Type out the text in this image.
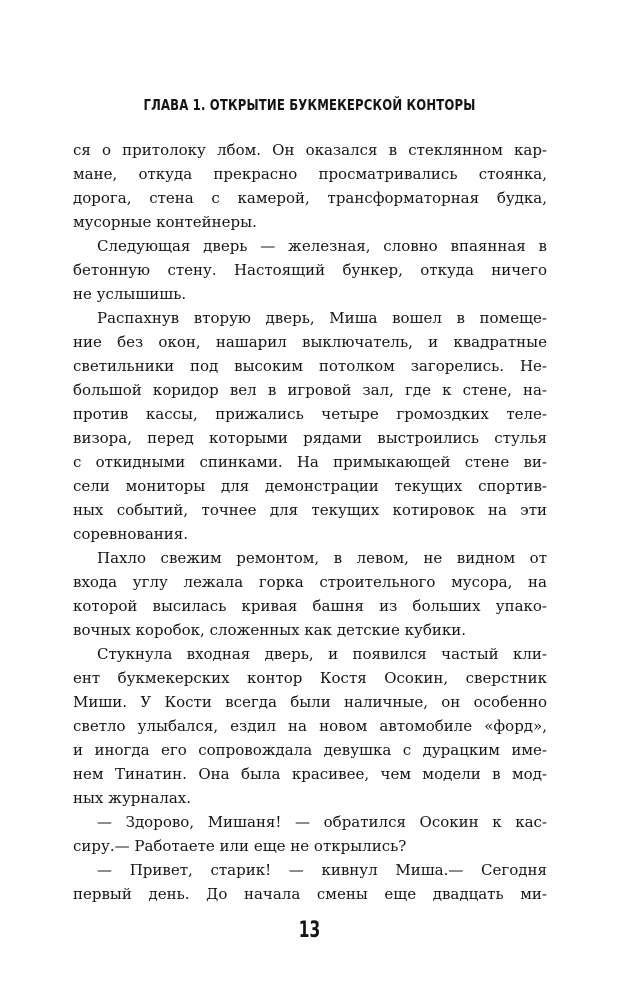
ГЛАВА 1. ОТКРЫТИЕ БУКМЕКЕРСКОЙ КОНТОРЫ
ся о притолоку лбом. Он оказался в стеклянном кар-
мане, откуда прекрасно просматривались стоянка,
дорога, стена с камерой, трансформаторная будка,
мусорные контейнеры.
Следующая дверь — железная, словно впаянная в
бетонную стену. Настоящий бункер, откуда ничего
не услышишь.
Распахнув вторую дверь, Миша вошел в помеще-
ние без окон, нашарил выключатель, и квадратные
светильники под высоким потолком загорелись. Не-
большой коридор вел в игровой зал, где к стене, на-
против кассы, прижались четыре громоздких теле-
визора, перед которыми рядами выстроились стулья
с откидными спинками. На примыкающей стене ви-
сели мониторы для демонстрации текущих спортив-
ных событий, точнее для текущих котировок на эти
соревнования.
Пахло свежим ремонтом, в левом, не видном от
входа углу лежала горка строительного мусора, на
которой высилась кривая башня из больших упако-
вочных коробок, сложенных как детские кубики.
Стукнула входная дверь, и появился частый кли-
ент букмекерских контор Костя Осокин, сверстник
Миши. У Кости всегда были наличные, он особенно
светло улыбался, ездил на новом автомобиле «форд»,
и иногда его сопровождала девушка с дурацким име-
нем Тинатин. Она была красивее, чем модели в мод-
ных журналах.
— Здорово, Мишаня! — обратился Осокин к кас-
сиру.— Работаете или еще не открылись?
— Привет, старик! — кивнул Миша.— Сегодня
первый день. До начала смены еще двадцать ми-
13
